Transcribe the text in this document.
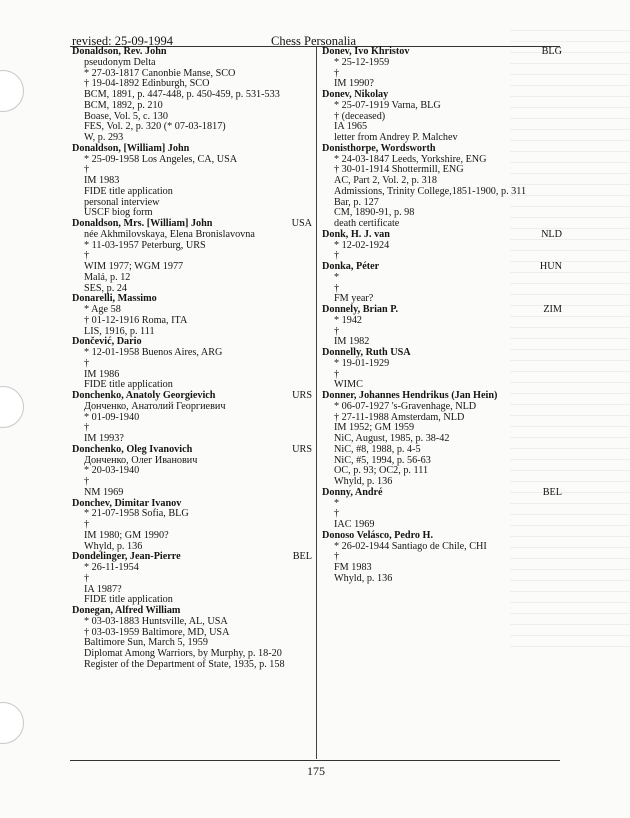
revised: 25-09-1994	Chess Personalia
Donaldson, Rev. John
pseudonym Delta
* 27-03-1817 Canonbie Manse, SCO
† 19-04-1892 Edinburgh, SCO
BCM, 1891, p. 447-448, p. 450-459, p. 531-533
BCM, 1892, p. 210
Boase, Vol. 5, c. 130
FES, Vol. 2, p. 320 (* 07-03-1817)
W, p. 293
Donaldson, [William] John
* 25-09-1958 Los Angeles, CA, USA
†
IM 1983
FIDE title application
personal interview
USCF biog form
Donaldson, Mrs. [William] John	USA
née Akhmilovskaya, Elena Bronislavovna
* 11-03-1957 Peterburg, URS
†
WIM 1977; WGM 1977
Malá, p. 12
SES, p. 24
Donarelli, Massimo
* Age 58
† 01-12-1916 Roma, ITA
LIS, 1916, p. 111
Dončević, Dario
* 12-01-1958 Buenos Aires, ARG
†
IM 1986
FIDE title application
Donchenko, Anatoly Georgievich	URS
Донченко, Анатолий Георгиевич
* 01-09-1940
†
IM 1993?
Donchenko, Oleg Ivanovich	URS
Донченко, Олег Иванович
* 20-03-1940
†
NM 1969
Donchev, Dimitar Ivanov
* 21-07-1958 Sofia, BLG
†
IM 1980; GM 1990?
Whyld, p. 136
Dondelinger, Jean-Pierre	BEL
* 26-11-1954
†
IA 1987?
FIDE title application
Donegan, Alfred William
* 03-03-1883 Huntsville, AL, USA
† 03-03-1959 Baltimore, MD, USA
Baltimore Sun, March 5, 1959
Diplomat Among Warriors, by Murphy, p. 18-20
Register of the Department of State, 1935, p. 158
Donev, Ivo Khristov	BLG
* 25-12-1959
†
IM 1990?
Donev, Nikolay
* 25-07-1919 Varna, BLG
† (deceased)
IA 1965
letter from Andrey P. Malchev
Donisthorpe, Wordsworth
* 24-03-1847 Leeds, Yorkshire, ENG
† 30-01-1914 Shottermill, ENG
AC, Part 2, Vol. 2, p. 318
Admissions, Trinity College,1851-1900, p. 311
Bar, p. 127
CM, 1890-91, p. 98
death certificate
Donk, H. J. van	NLD
* 12-02-1924
†
Donka, Péter	HUN
*
†
FM year?
Donnely, Brian P.	ZIM
* 1942
†
IM 1982
Donnelly, Ruth USA
* 19-01-1929
†
WIMC
Donner, Johannes Hendrikus (Jan Hein)
* 06-07-1927 's-Gravenhage, NLD
† 27-11-1988 Amsterdam, NLD
IM 1952; GM 1959
NiC, August, 1985, p. 38-42
NiC, #8, 1988, p. 4-5
NiC, #5, 1994, p. 56-63
OC, p. 93; OC2, p. 111
Whyld, p. 136
Donny, André	BEL
*
†
IAC 1969
Donoso Velásco, Pedro H.
* 26-02-1944 Santiago de Chile, CHI
†
FM 1983
Whyld, p. 136
175
